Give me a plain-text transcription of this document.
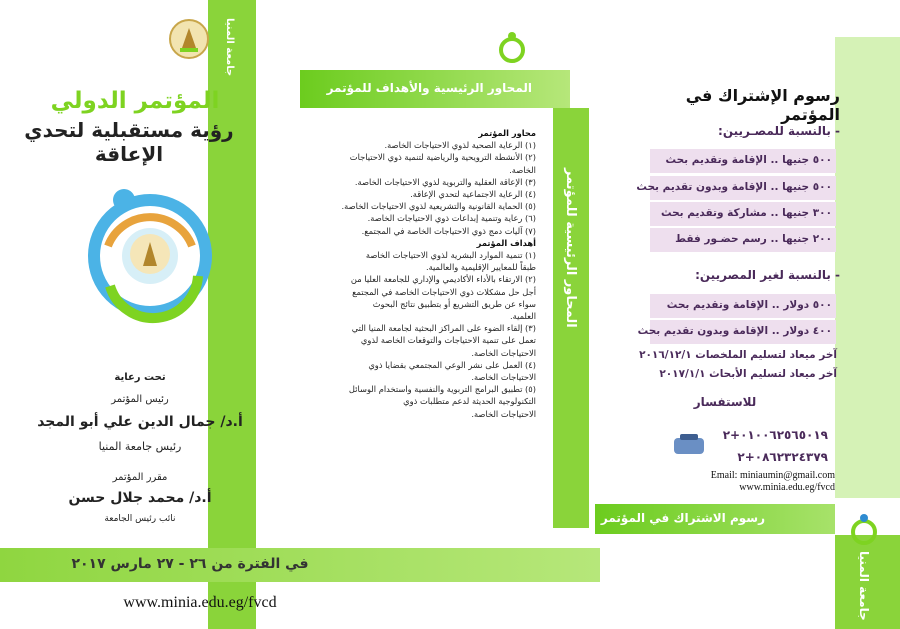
جامعة المنيا
المحاور الرئيسية والأهداف للمؤتمر
المحاور الرئيسية للمؤتمر
رسوم الاشتراك في المؤتمر
جامعة المنيا
المؤتمر الدولي
رؤية مستقبلية لتحدي الإعاقة
تحت رعاية
رئيس المؤتمر
أ.د/ جمال الدين علي أبو المجد
رئيس جامعة المنيا
مقرر المؤتمر
أ.د/ محمد جلال حسن
نائب رئيس الجامعة
في الفترة من ٢٦ - ٢٧ مارس ٢٠١٧
www.minia.edu.eg/fvcd
محاور المؤتمر
(١) الرعاية الصحية لذوي الاحتياجات الخاصة.
(٢) الأنشطة الترويحية والرياضية لتنمية ذوي الاحتياجات
الخاصة.
(٣) الإعاقة العقلية والتربوية لذوي الاحتياجات الخاصة.
(٤) الرعاية الاجتماعية لتحدي الإعاقة.
(٥) الحماية القانونية والتشريعية لذوي الاحتياجات الخاصة.
(٦) رعاية وتنمية إبداعات ذوي الاحتياجات الخاصة.
(٧) آليات دمج ذوي الاحتياجات الخاصة في المجتمع.
أهداف المؤتمر
(١) تنمية الموارد البشرية لذوي الاحتياجات الخاصة
طبقاً للمعايير الإقليمية والعالمية.
(٢) الارتقاء بالأداء الأكاديمي والإداري للجامعة العليا من
أجل حل مشكلات ذوي الاحتياجات الخاصة في المجتمع
سواء عن طريق التشريع أو بتطبيق نتائج البحوث
العلمية.
(٣) إلقاء الضوء على المراكز البحثية لجامعة المنيا التي
تعمل على تنمية الاحتياجات والتوقعات الخاصة لذوي
الاحتياجات الخاصة.
(٤) العمل على نشر الوعي المجتمعي بقضايا ذوي
الاحتياجات الخاصة.
(٥) تطبيق البرامج التربوية والنفسية واستخدام الوسائل
التكنولوجية الحديثة لدعم متطلبات ذوي
الاحتياجات الخاصة.
رسوم الإشتراك في المؤتمر
- بالنسبة للمصـريين:
٥٠٠ جنيها .. الإقامة وتقديم بحث
٥٠٠ جنيها .. الإقامة وبدون تقديم بحث
٣٠٠ جنيها .. مشاركة وتقديم بحث
٢٠٠ جنيها .. رسم حضـور فقط
- بالنسبة لغير المصريين:
٥٠٠ دولار .. الإقامة وتقديم بحث
٤٠٠ دولار .. الإقامة وبدون تقديم بحث
آخر ميعاد لتسليم الملخصات ٢٠١٦/١٢/١
آخر ميعاد لتسليم الأبحاث ٢٠١٧/١/١
للاستفسار
٠١٠٠٦٢٥٦٥٠١٩+٢
٠٨٦٢٣٢٤٣٧٩+٢
Email: miniaumin@gmail.com
www.minia.edu.eg/fvcd
